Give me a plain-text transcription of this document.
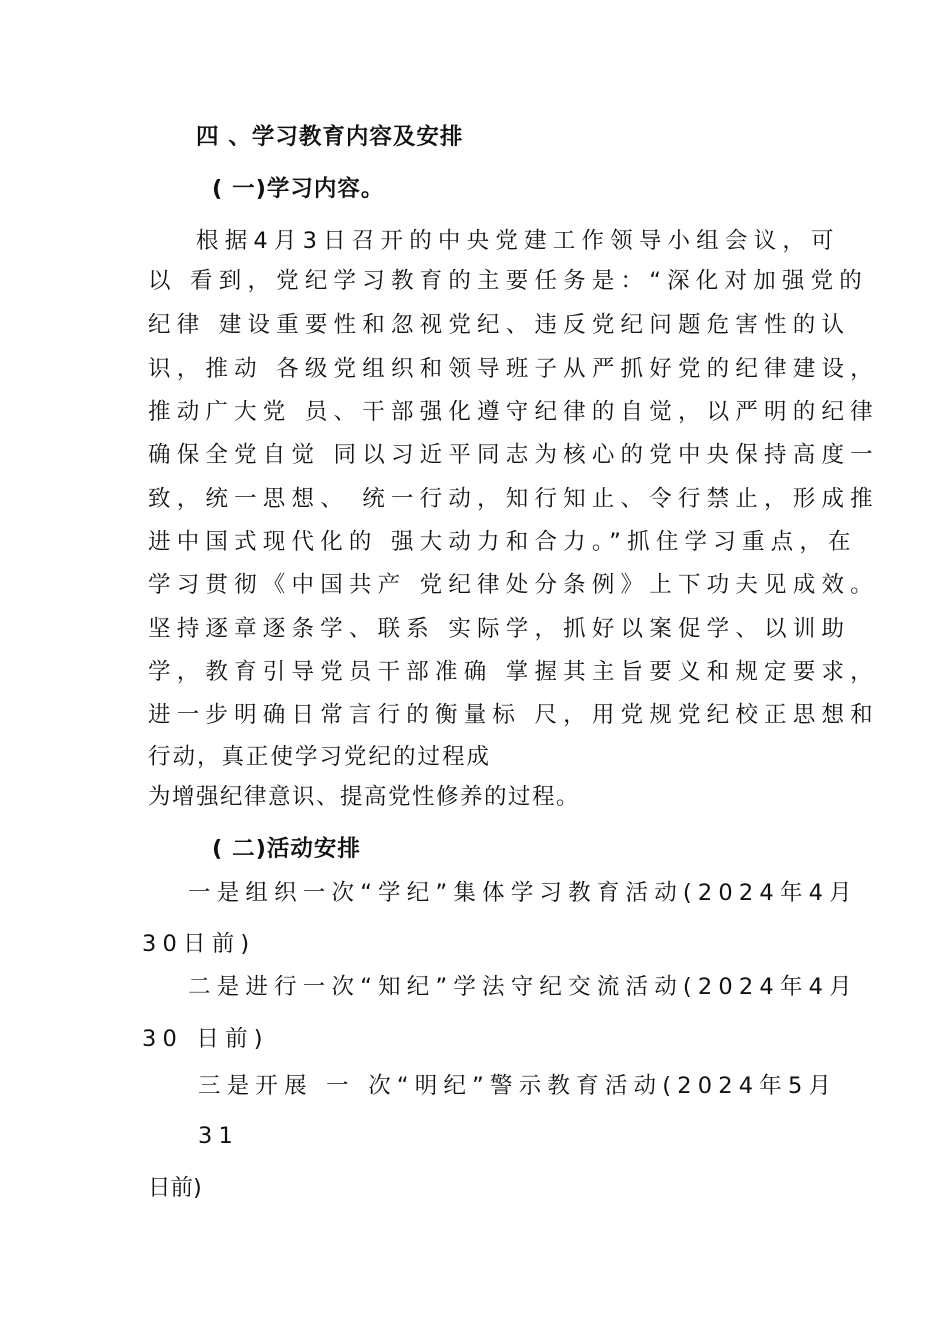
四 、学习教育内容及安排
( 一)学习内容。
根据4月3日召开的中央党建工作领导小组会议，可
以 看到，党纪学习教育的主要任务是：“深化对加强党的
纪律 建设重要性和忽视党纪、违反党纪问题危害性的认
识，推动 各级党组织和领导班子从严抓好党的纪律建设，
推动广大党 员、干部强化遵守纪律的自觉，以严明的纪律
确保全党自觉 同以习近平同志为核心的党中央保持高度一
致，统一思想、 统一行动，知行知止、令行禁止，形成推
进中国式现代化的 强大动力和合力。”抓住学习重点，在
学习贯彻《中国共产 党纪律处分条例》上下功夫见成效。
坚持逐章逐条学、联系 实际学，抓好以案促学、以训助
学，教育引导党员干部准确 掌握其主旨要义和规定要求，
进一步明确日常言行的衡量标 尺，用党规党纪校正思想和
行动，真正使学习党纪的过程成
为增强纪律意识、提高党性修养的过程。
( 二)活动安排
一是组织一次“学纪”集体学习教育活动(2024年4月
30日前)
二是进行一次“知纪”学法守纪交流活动(2024年4月
30 日前)
三是开展 一 次“明纪”警示教育活动(2024年5月
31
日前)
